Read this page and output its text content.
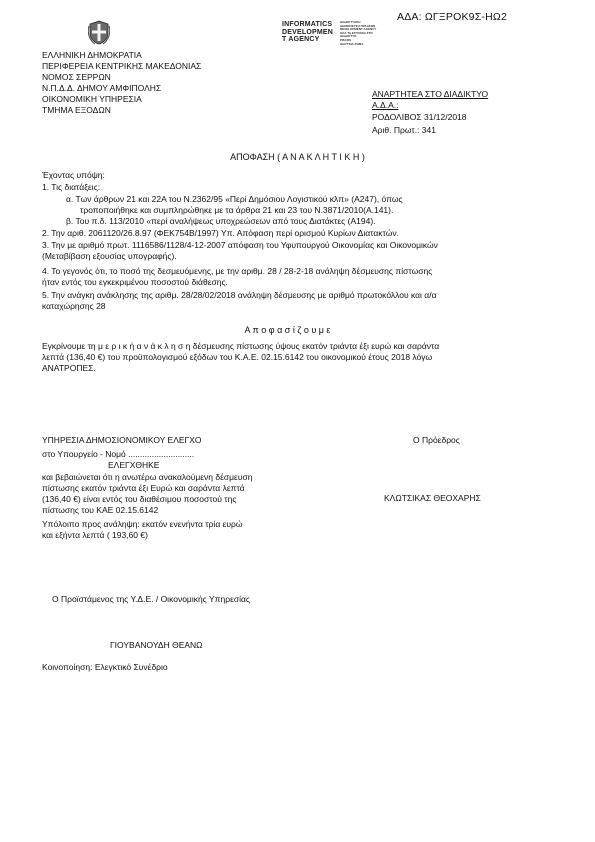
ΑΔΑ: ΩΓΞΡΟΚ9Σ-ΗΩ2
INFORMATICS
DEVELOPMEN
T AGENCY
ΔΙΑΔΙΚΤΥΑΚΗ
ΔΗΜΟΣΙΕΥΣΗ ΠΡΑΞΕΩΝ
DEVELOPMENT AGENCY
ΟΛΑ ΤΑ ΕΓΓΡΑΦΑ ΣΤΟ
ΔΙΑΔΙΚΤΥΟ
PRAXIS
ΔΙΑΥΓΕΙΑ ΣΩΜΑ
ΕΛΛΗΝΙΚΗ ΔΗΜΟΚΡΑΤΙΑ
ΠΕΡΙΦΕΡΕΙΑ ΚΕΝΤΡΙΚΗΣ ΜΑΚΕΔΟΝΙΑΣ
ΝΟΜΟΣ ΣΕΡΡΩΝ
Ν.Π.Δ.Δ. ΔΗΜΟΥ ΑΜΦΙΠΟΛΗΣ
ΟΙΚΟΝΟΜΙΚΗ ΥΠΗΡΕΣΙΑ
ΤΜΗΜΑ ΕΞΟΔΩΝ
ΑΝΑΡΤΗΤΕΑ ΣΤΟ ΔΙΑΔΙΚΤΥΟ
Α.Δ.Α.:
ΡΟΔΟΛΙΒΟΣ 31/12/2018
Αριθ. Πρωτ.: 341
ΑΠΟΦΑΣΗ ( Α Ν Α Κ Λ Η Τ Ι Κ Η )
Έχοντας υπόψη:
1. Τις διατάξεις:
α. Των άρθρων 21 και 22Α του Ν.2362/95 «Περί Δημόσιου Λογιστικού κλπ» (Α247), όπως
τροποποιήθηκε και συμπληρώθηκε με τα άρθρα 21 και 23 του Ν.3871/2010(Α.141).
β. Του π.δ. 113/2010 «περί αναλήψεως υποχρεώσεων από τους Διατάκτες (Α194).
2. Την αριθ. 2061120/26.8.97 (ΦΕΚ754Β/1997) Υπ. Απόφαση περί ορισμού Κυρίων Διατακτών.
3. Την με αριθμό πρωτ. 1116586/1128/4-12-2007 απόφαση του Υφυπουργού Οικονομίας και Οικονομικών
(Μεταβίβαση εξουσίας υπογραφής).
4. Το γεγονός ότι, το ποσό της δεσμευόμενης, με την αριθμ. 28 / 28-2-18 ανάληψη δέσμευσης πίστωσης
ήταν εντός του εγκεκριμένου ποσοστού διάθεσης.
5. Την ανάγκη ανάκλησης της αριθμ. 28/28/02/2018 ανάληψη δέσμευσης με αριθμό πρωτοκόλλου και α/α
καταχώρησης 28
Α π ο φ α σ ί ζ ο υ μ ε
Εγκρίνουμε τη μ ε ρ ι κ ή α ν ά κ λ η σ η δέσμευσης πίστωσης ύψους εκατόν τριάντα έξι ευρώ και σαράντα
λεπτά (136,40 €) του προϋπολογισμού εξόδων του Κ.Α.Ε. 02.15.6142 του οικονομικού έτους 2018 λόγω
ΑΝΑΤΡΟΠΕΣ.
ΥΠΗΡΕΣΙΑ ΔΗΜΟΣΙΟΝΟΜΙΚΟΥ ΕΛΕΓΧΟ
στο Υπουργείο - Νομό ............................
ΕΛΕΓΧΘΗΚΕ
και βεβαιώνεται ότι η ανωτέρω ανακαλούμενη δέσμευση
πίστωσης εκατόν τριάντα έξι Ευρώ και σαράντα λεπτά
(136,40 €) είναι εντός του διαθέσιμου ποσοστού της
πίστωσης του ΚΑΕ 02.15.6142
Υπόλοιπο προς ανάληψη: εκατόν ενενήντα τρία ευρώ
και εξήντα λεπτά ( 193,60 €)
Ο Πρόεδρος
ΚΛΩΤΣΙΚΑΣ ΘΕΟΧΑΡΗΣ
Ο Προϊστάμενος της Υ.Δ.Ε. / Οικονομικής Υπηρεσίας
ΓΙΟΥΒΑΝΟΥΔΗ ΘΕΑΝΩ
Κοινοποίηση: Ελεγκτικό Συνέδριο
